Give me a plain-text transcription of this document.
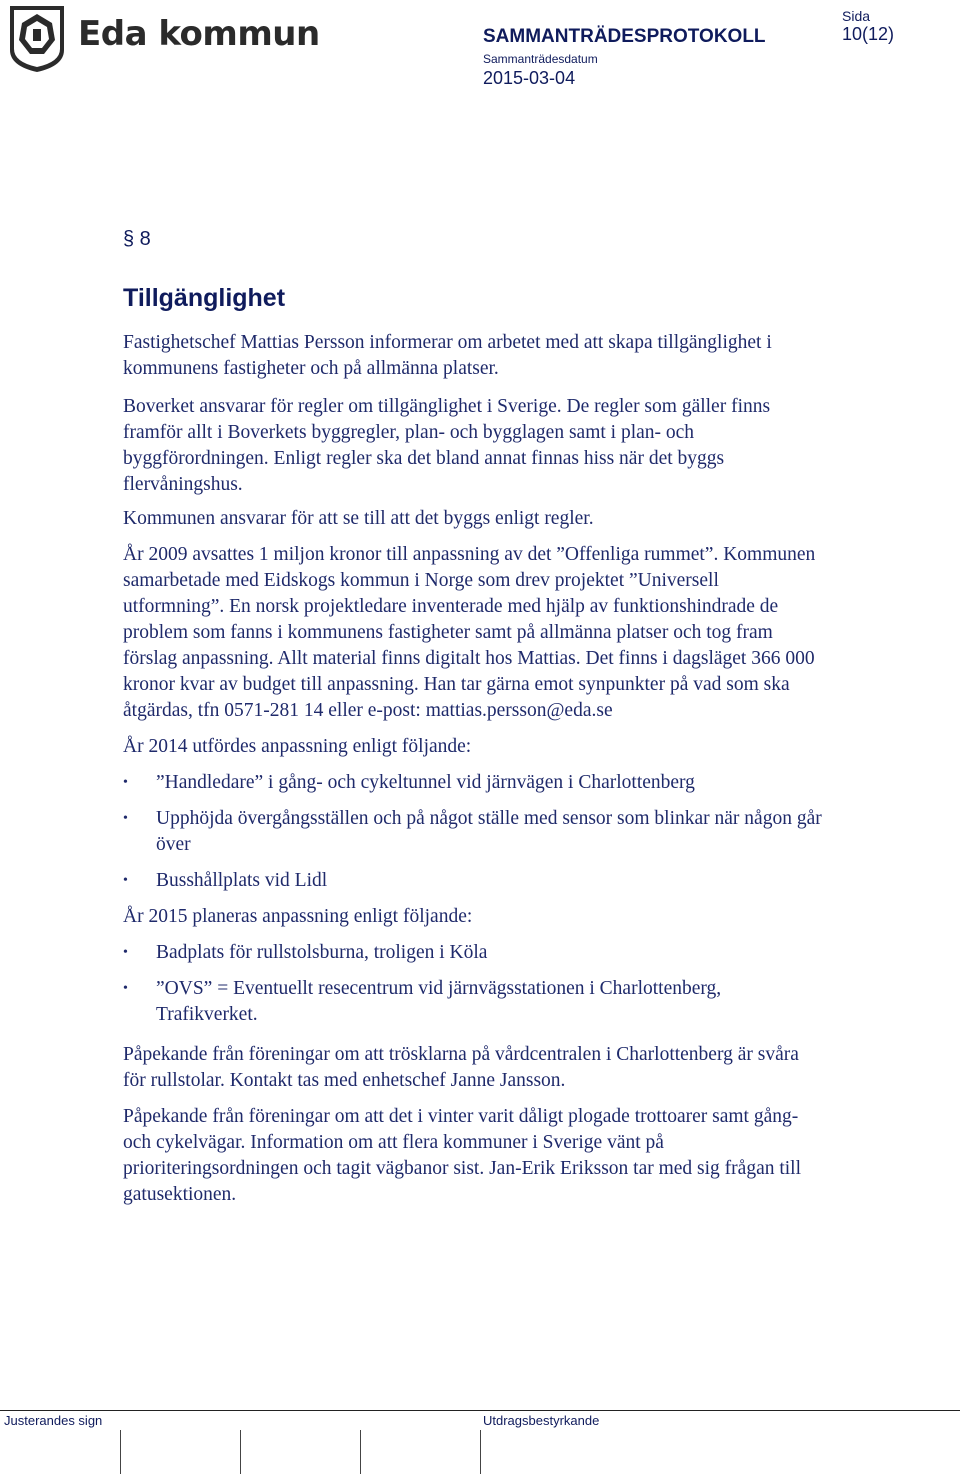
Eda kommun	SAMMANTRÄDESPROTOKOLL
Sammanträdesdatum
2015-03-04
Sida
10(12)

§ 8

Tillgänglighet

Fastighetschef Mattias Persson informerar om arbetet med att skapa tillgänglighet i kommunens fastigheter och på allmänna platser.

Boverket ansvarar för regler om tillgänglighet i Sverige. De regler som gäller finns framför allt i Boverkets byggregler, plan- och bygglagen samt i plan- och byggförordningen. Enligt regler ska det bland annat finnas hiss när det byggs flervåningshus.

Kommunen ansvarar för att se till att det byggs enligt regler.

År 2009 avsattes 1 miljon kronor till anpassning av det ”Offenliga rummet”. Kommunen samarbetade med Eidskogs kommun i Norge som drev projektet ”Universell utformning”. En norsk projektledare inventerade med hjälp av funktionshindrade de problem som fanns i kommunens fastigheter samt på allmänna platser och tog fram förslag anpassning. Allt material finns digitalt hos Mattias. Det finns i dagsläget 366 000 kronor kvar av budget till anpassning. Han tar gärna emot synpunkter på vad som ska åtgärdas, tfn 0571-281 14 eller e-post: mattias.persson@eda.se

År 2014 utfördes anpassning enligt följande:

• ”Handledare” i gång- och cykeltunnel vid järnvägen i Charlottenberg
• Upphöjda övergångsställen och på något ställe med sensor som blinkar när någon går över
• Busshållplats vid Lidl

År 2015 planeras anpassning enligt följande:

• Badplats för rullstolsburna, troligen i Köla
• ”OVS” = Eventuellt resecentrum vid järnvägsstationen i Charlottenberg, Trafikverket.

Påpekande från föreningar om att trösklarna på vårdcentralen i Charlottenberg är svåra för rullstolar. Kontakt tas med enhetschef Janne Jansson.

Påpekande från föreningar om att det i vinter varit dåligt plogade trottoarer samt gång- och cykelvägar. Information om att flera kommuner i Sverige vänt på prioriteringsordningen och tagit vägbanor sist. Jan-Erik Eriksson tar med sig frågan till gatusektionen.

Justerandes sign	Utdragsbestyrkande
